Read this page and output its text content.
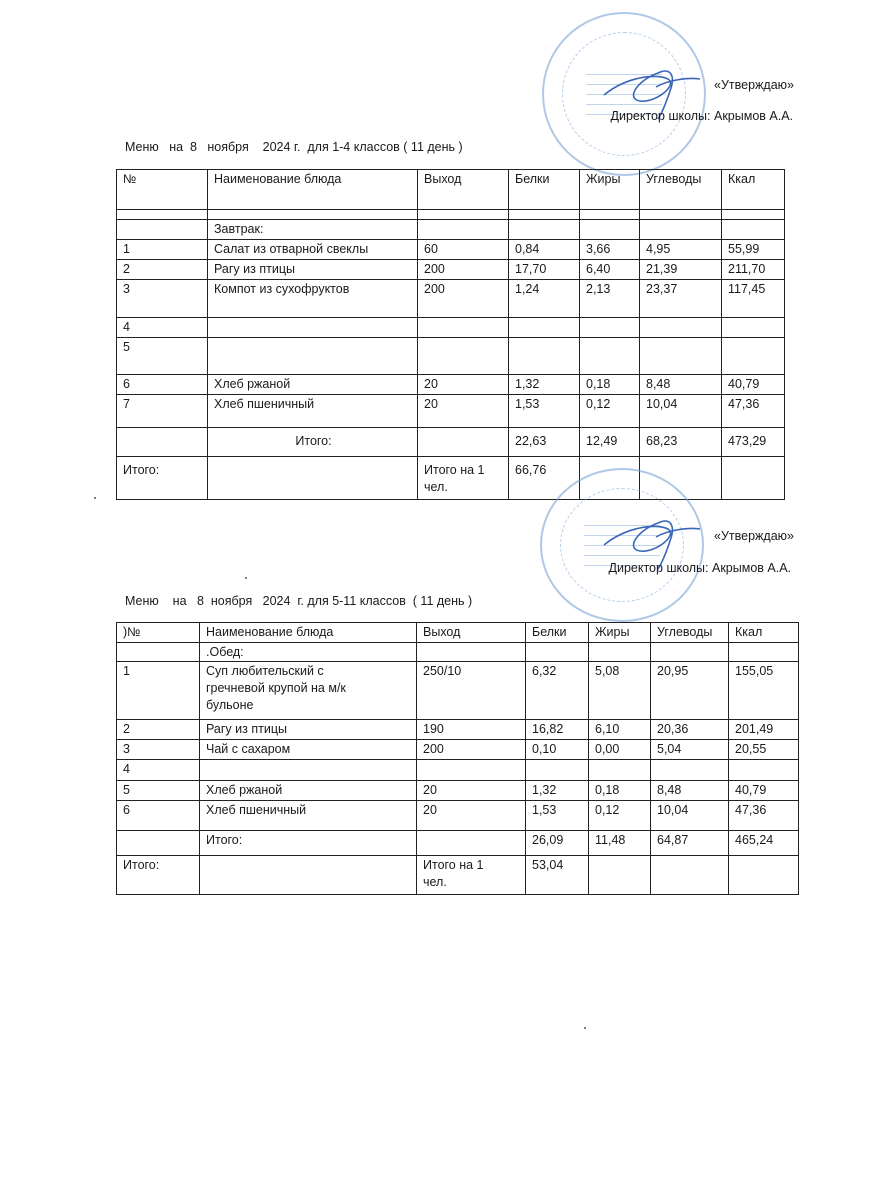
«Утверждаю»
Директор школы: Акрымов А.А.
Меню   на  8   ноября    2024 г.  для 1-4 классов ( 11 день )
№	Наименование блюда	Выход	Белки	Жиры	Углеводы	Ккал

	Завтрак:					
1	Салат из отварной свеклы	60	0,84	3,66	4,95	55,99
2	Рагу из птицы	200	17,70	6,40	21,39	211,70
3	Компот из сухофруктов	200	1,24	2,13	23,37	117,45
4						
5						
6	Хлеб ржаной	20	1,32	0,18	8,48	40,79
7	Хлеб пшеничный	20	1,53	0,12	10,04	47,36
	Итого:		22,63	12,49	68,23	473,29
Итого:		Итого на 1 чел.	66,76			
«Утверждаю»
Директор школы: Акрымов А.А.
Меню    на   8  ноября   2024  г. для 5-11 классов  ( 11 день )
)№	Наименование блюда	Выход	Белки	Жиры	Углеводы	Ккал
	.Обед:					
1	Суп любительский с гречневой крупой на м/к бульоне	250/10	6,32	5,08	20,95	155,05
2	Рагу из птицы	190	16,82	6,10	20,36	201,49
3	Чай с сахаром	200	0,10	0,00	5,04	20,55
4						
5	Хлеб ржаной	20	1,32	0,18	8,48	40,79
6	Хлеб пшеничный	20	1,53	0,12	10,04	47,36
	Итого:		26,09	11,48	64,87	465,24
Итого:		Итого на 1 чел.	53,04			
